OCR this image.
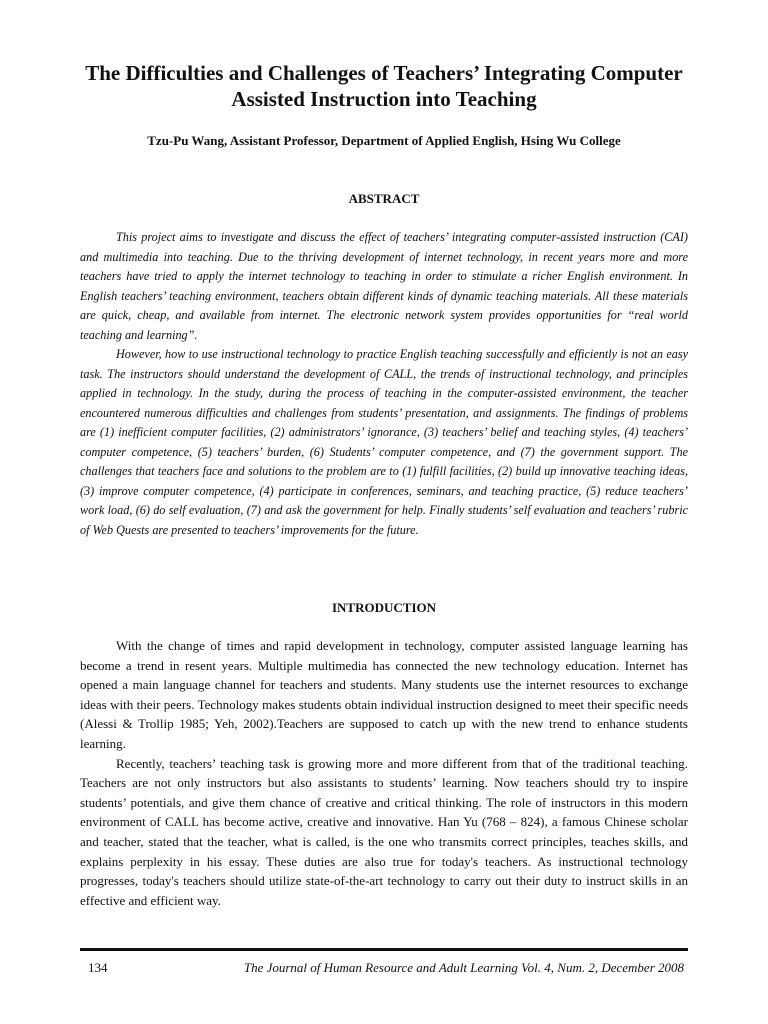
The Difficulties and Challenges of Teachers’ Integrating Computer Assisted Instruction into Teaching

Tzu-Pu Wang, Assistant Professor, Department of Applied English, Hsing Wu College

ABSTRACT

This project aims to investigate and discuss the effect of teachers’ integrating computer-assisted instruction (CAI) and multimedia into teaching. Due to the thriving development of internet technology, in recent years more and more teachers have tried to apply the internet technology to teaching in order to stimulate a richer English environment. In English teachers’ teaching environment, teachers obtain different kinds of dynamic teaching materials. All these materials are quick, cheap, and available from internet. The electronic network system provides opportunities for “real world teaching and learning”.

However, how to use instructional technology to practice English teaching successfully and efficiently is not an easy task. The instructors should understand the development of CALL, the trends of instructional technology, and principles applied in technology. In the study, during the process of teaching in the computer-assisted environment, the teacher encountered numerous difficulties and challenges from students’ presentation, and assignments. The findings of problems are (1) inefficient computer facilities, (2) administrators’ ignorance, (3) teachers’ belief and teaching styles, (4) teachers’ computer competence, (5) teachers’ burden, (6) Students’ computer competence, and (7) the government support. The challenges that teachers face and solutions to the problem are to (1) fulfill facilities, (2) build up innovative teaching ideas, (3) improve computer competence, (4) participate in conferences, seminars, and teaching practice, (5) reduce teachers’ work load, (6) do self evaluation, (7) and ask the government for help. Finally students’ self evaluation and teachers’ rubric of Web Quests are presented to teachers’ improvements for the future.

INTRODUCTION

With the change of times and rapid development in technology, computer assisted language learning has become a trend in resent years. Multiple multimedia has connected the new technology education. Internet has opened a main language channel for teachers and students. Many students use the internet resources to exchange ideas with their peers. Technology makes students obtain individual instruction designed to meet their specific needs (Alessi & Trollip 1985; Yeh, 2002).Teachers are supposed to catch up with the new trend to enhance students learning.

Recently, teachers’ teaching task is growing more and more different from that of the traditional teaching. Teachers are not only instructors but also assistants to students’ learning. Now teachers should try to inspire students’ potentials, and give them chance of creative and critical thinking. The role of instructors in this modern environment of CALL has become active, creative and innovative. Han Yu (768 – 824), a famous Chinese scholar and teacher, stated that the teacher, what is called, is the one who transmits correct principles, teaches skills, and explains perplexity in his essay. These duties are also true for today's teachers. As instructional technology progresses, today's teachers should utilize state-of-the-art technology to carry out their duty to instruct skills in an effective and efficient way.

134	The Journal of Human Resource and Adult Learning Vol. 4, Num. 2, December 2008
